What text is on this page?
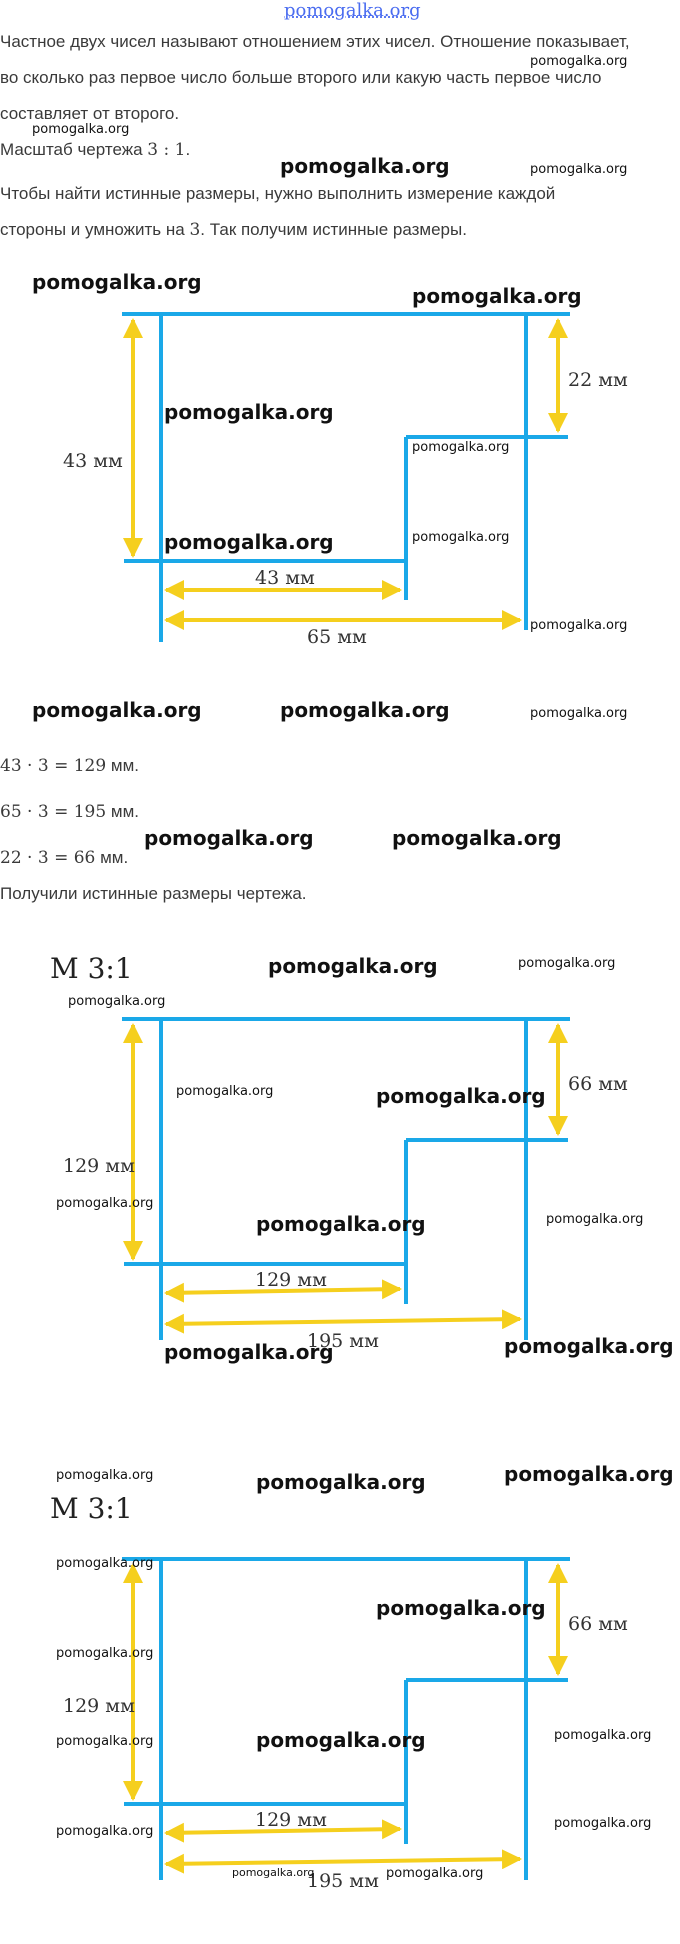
pomogalka.org
Частное двух чисел называют отношением этих чисел. Отношение показывает,
во сколько раз первое число больше второго или какую часть первое число
составляет от второго.
Масштаб чертежа 3 : 1.
Чтобы найти истинные размеры, нужно выполнить измерение каждой
стороны и умножить на 3. Так получим истинные размеры.
43 мм
22 мм
43 мм
65 мм
43 · 3 = 129 мм.
65 · 3 = 195 мм.
22 · 3 = 66 мм.
Получили истинные размеры чертежа.
М 3:1
129 мм
66 мм
129 мм
195 мм
М 3:1
129 мм
66 мм
129 мм
195 мм
pomogalka.org
pomogalka.org
pomogalka.org	pomogalka.org
pomogalka.org
pomogalka.org
pomogalka.org
pomogalka.org
pomogalka.org	pomogalka.org
pomogalka.org
pomogalka.org	pomogalka.org	pomogalka.org
pomogalka.org	pomogalka.org
pomogalka.org	pomogalka.org
pomogalka.org
pomogalka.org	pomogalka.org
pomogalka.org
pomogalka.org
pomogalka.org
pomogalka.org	pomogalka.org
pomogalka.org	pomogalka.org	pomogalka.org
pomogalka.org
pomogalka.org
pomogalka.org
pomogalka.org	pomogalka.org	pomogalka.org
pomogalka.org
pomogalka.org
pomogalka.org	pomogalka.org
